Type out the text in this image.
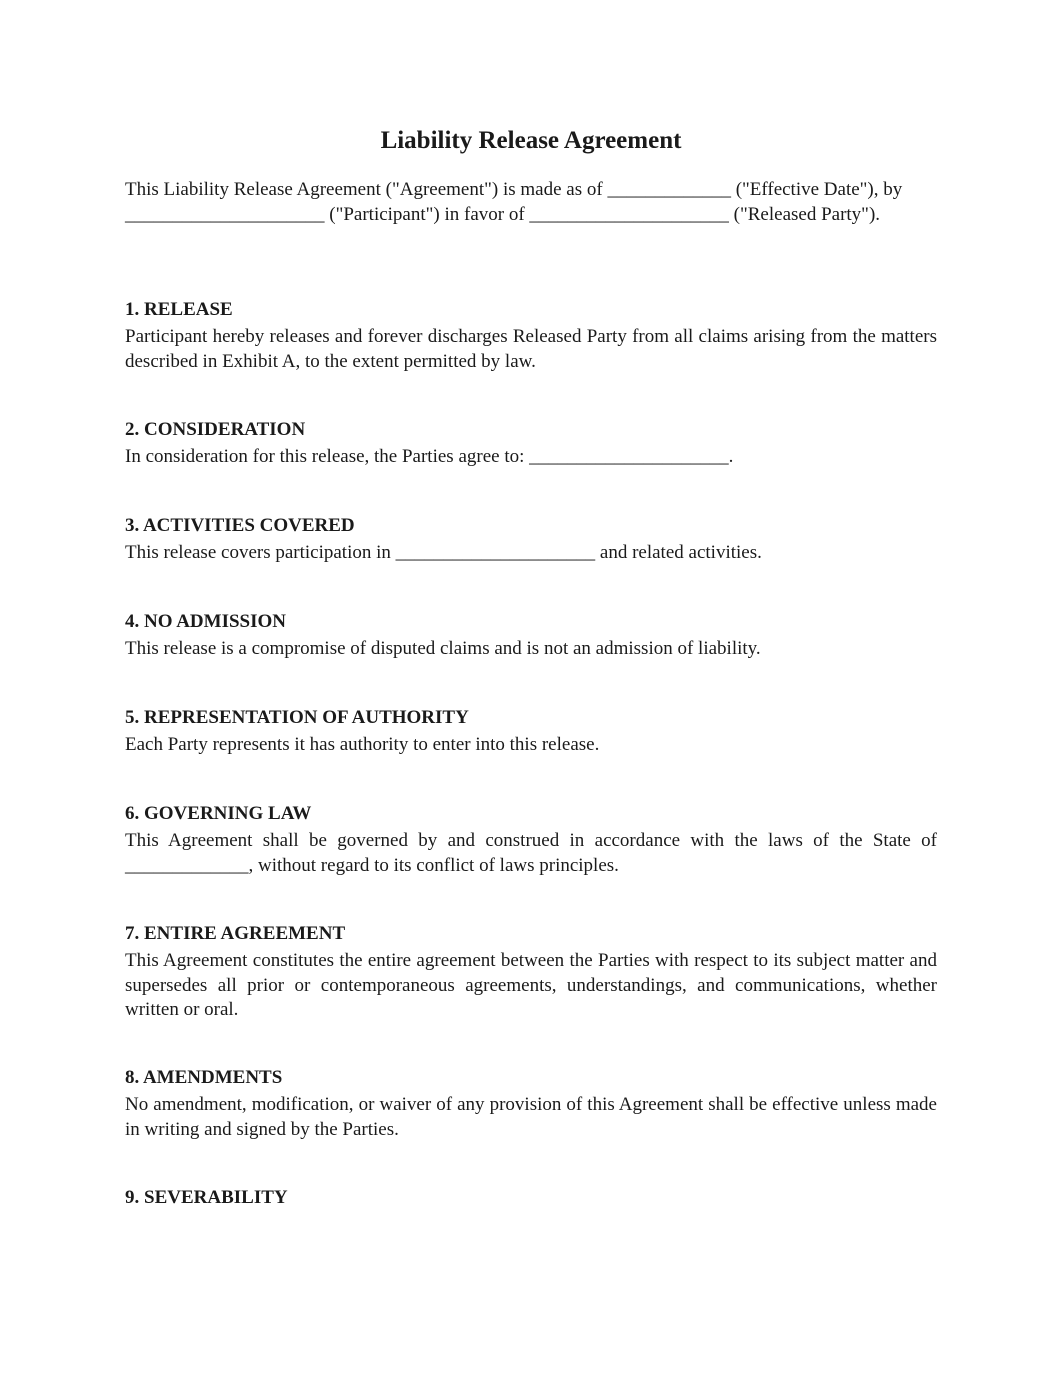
Liability Release Agreement

This Liability Release Agreement ("Agreement") is made as of _____________ ("Effective Date"), by _____________________ ("Participant") in favor of _____________________ ("Released Party").

1. RELEASE

Participant hereby releases and forever discharges Released Party from all claims arising from the matters described in Exhibit A, to the extent permitted by law.

2. CONSIDERATION

In consideration for this release, the Parties agree to: _____________________.

3. ACTIVITIES COVERED

This release covers participation in _____________________ and related activities.

4. NO ADMISSION

This release is a compromise of disputed claims and is not an admission of liability.

5. REPRESENTATION OF AUTHORITY

Each Party represents it has authority to enter into this release.

6. GOVERNING LAW

This Agreement shall be governed by and construed in accordance with the laws of the State of _____________, without regard to its conflict of laws principles.

7. ENTIRE AGREEMENT

This Agreement constitutes the entire agreement between the Parties with respect to its subject matter and supersedes all prior or contemporaneous agreements, understandings, and communications, whether written or oral.

8. AMENDMENTS

No amendment, modification, or waiver of any provision of this Agreement shall be effective unless made in writing and signed by the Parties.

9. SEVERABILITY
